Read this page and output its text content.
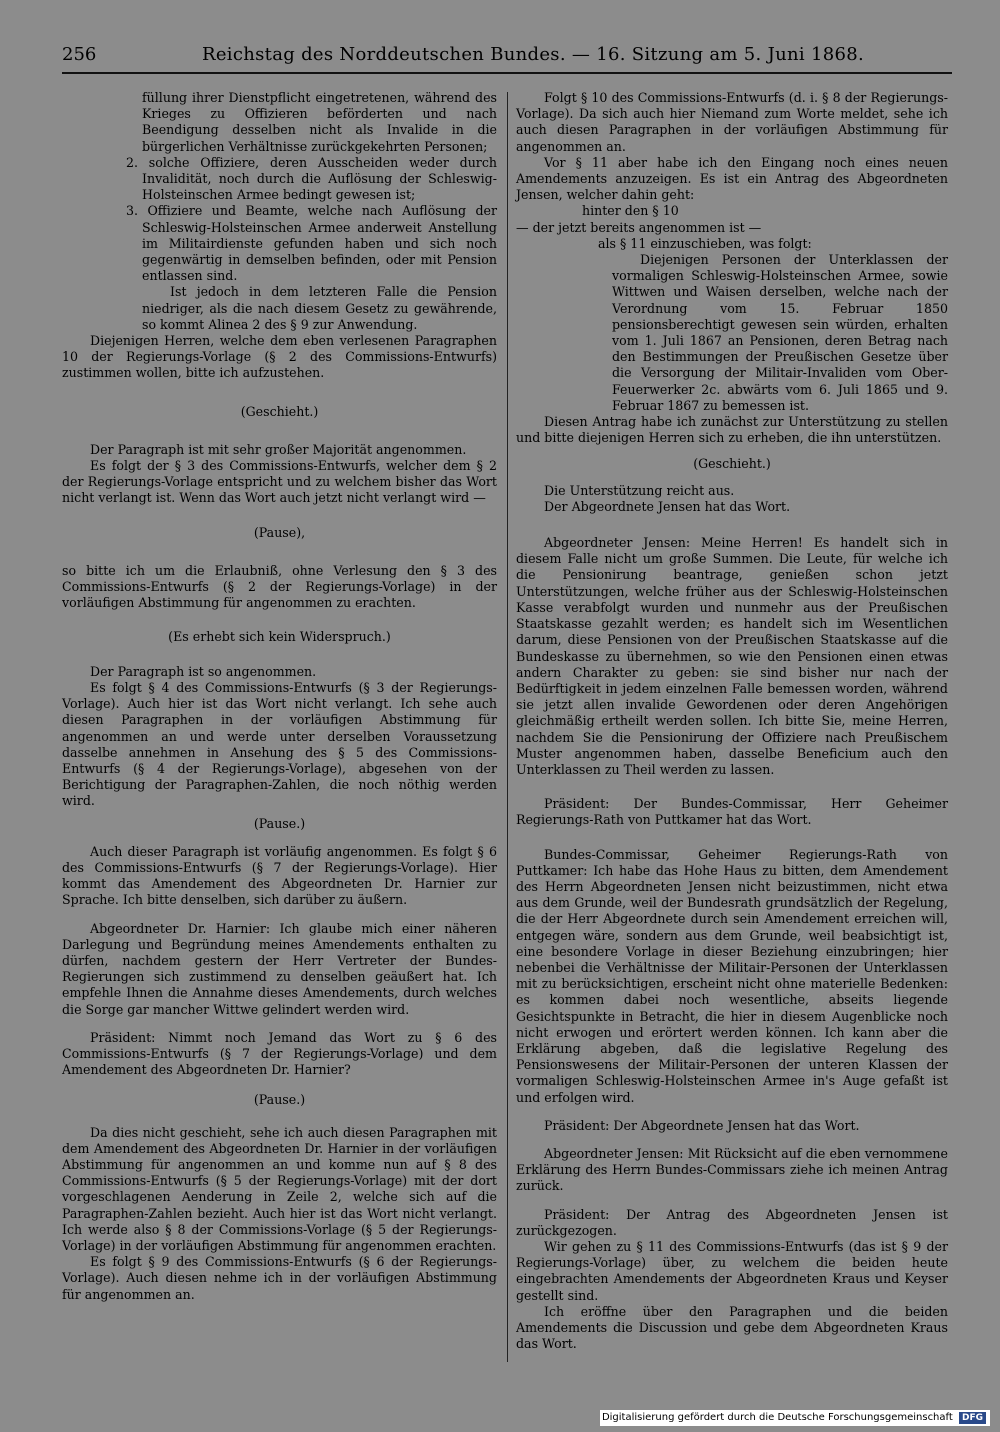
256	Reichstag des Norddeutschen Bundes. — 16. Sitzung am 5. Juni 1868.

füllung ihrer Dienstpflicht eingetretenen, während des Krieges zu Offizieren beförderten und nach Beendigung desselben nicht als Invalide in die bürgerlichen Verhältnisse zurückgekehrten Personen;

2. solche Offiziere, deren Ausscheiden weder durch Invalidität, noch durch die Auflösung der Schleswig-Holsteinschen Armee bedingt gewesen ist;

3. Offiziere und Beamte, welche nach Auflösung der Schleswig-Holsteinschen Armee anderweit Anstellung im Militairdienste gefunden haben und sich noch gegenwärtig in demselben befinden, oder mit Pension entlassen sind.

Ist jedoch in dem letzteren Falle die Pension niedriger, als die nach diesem Gesetz zu gewährende, so kommt Alinea 2 des § 9 zur Anwendung.

Diejenigen Herren, welche dem eben verlesenen Paragraphen 10 der Regierungs-Vorlage (§ 2 des Commissions-Entwurfs) zustimmen wollen, bitte ich aufzustehen.

(Geschieht.)

Der Paragraph ist mit sehr großer Majorität angenommen.

Es folgt der § 3 des Commissions-Entwurfs, welcher dem § 2 der Regierungs-Vorlage entspricht und zu welchem bisher das Wort nicht verlangt ist. Wenn das Wort auch jetzt nicht verlangt wird —

(Pause),

so bitte ich um die Erlaubniß, ohne Verlesung den § 3 des Commissions-Entwurfs (§ 2 der Regierungs-Vorlage) in der vorläufigen Abstimmung für angenommen zu erachten.

(Es erhebt sich kein Widerspruch.)

Der Paragraph ist so angenommen.

Es folgt § 4 des Commissions-Entwurfs (§ 3 der Regierungs-Vorlage). Auch hier ist das Wort nicht verlangt. Ich sehe auch diesen Paragraphen in der vorläufigen Abstimmung für angenommen an und werde unter derselben Voraussetzung dasselbe annehmen in Ansehung des § 5 des Commissions-Entwurfs (§ 4 der Regierungs-Vorlage), abgesehen von der Berichtigung der Paragraphen-Zahlen, die noch nöthig werden wird.

(Pause.)

Auch dieser Paragraph ist vorläufig angenommen. Es folgt § 6 des Commissions-Entwurfs (§ 7 der Regierungs-Vorlage). Hier kommt das Amendement des Abgeordneten Dr. Harnier zur Sprache. Ich bitte denselben, sich darüber zu äußern.

Abgeordneter Dr. Harnier: Ich glaube mich einer näheren Darlegung und Begründung meines Amendements enthalten zu dürfen, nachdem gestern der Herr Vertreter der Bundes-Regierungen sich zustimmend zu denselben geäußert hat. Ich empfehle Ihnen die Annahme dieses Amendements, durch welches die Sorge gar mancher Wittwe gelindert werden wird.

Präsident: Nimmt noch Jemand das Wort zu § 6 des Commissions-Entwurfs (§ 7 der Regierungs-Vorlage) und dem Amendement des Abgeordneten Dr. Harnier?

(Pause.)

Da dies nicht geschieht, sehe ich auch diesen Paragraphen mit dem Amendement des Abgeordneten Dr. Harnier in der vorläufigen Abstimmung für angenommen an und komme nun auf § 8 des Commissions-Entwurfs (§ 5 der Regierungs-Vorlage) mit der dort vorgeschlagenen Aenderung in Zeile 2, welche sich auf die Paragraphen-Zahlen bezieht. Auch hier ist das Wort nicht verlangt. Ich werde also § 8 der Commissions-Vorlage (§ 5 der Regierungs-Vorlage) in der vorläufigen Abstimmung für angenommen erachten.

Es folgt § 9 des Commissions-Entwurfs (§ 6 der Regierungs-Vorlage). Auch diesen nehme ich in der vorläufigen Abstimmung für angenommen an.

Folgt § 10 des Commissions-Entwurfs (d. i. § 8 der Regierungs-Vorlage). Da sich auch hier Niemand zum Worte meldet, sehe ich auch diesen Paragraphen in der vorläufigen Abstimmung für angenommen an.

Vor § 11 aber habe ich den Eingang noch eines neuen Amendements anzuzeigen. Es ist ein Antrag des Abgeordneten Jensen, welcher dahin geht:

hinter den § 10

— der jetzt bereits angenommen ist —

als § 11 einzuschieben, was folgt:

Diejenigen Personen der Unterklassen der vormaligen Schleswig-Holsteinschen Armee, sowie Wittwen und Waisen derselben, welche nach der Verordnung vom 15. Februar 1850 pensionsberechtigt gewesen sein würden, erhalten vom 1. Juli 1867 an Pensionen, deren Betrag nach den Bestimmungen der Preußischen Gesetze über die Versorgung der Militair-Invaliden vom Ober-Feuerwerker 2c. abwärts vom 6. Juli 1865 und 9. Februar 1867 zu bemessen ist.

Diesen Antrag habe ich zunächst zur Unterstützung zu stellen und bitte diejenigen Herren sich zu erheben, die ihn unterstützen.

(Geschieht.)

Die Unterstützung reicht aus.

Der Abgeordnete Jensen hat das Wort.

Abgeordneter Jensen: Meine Herren! Es handelt sich in diesem Falle nicht um große Summen. Die Leute, für welche ich die Pensionirung beantrage, genießen schon jetzt Unterstützungen, welche früher aus der Schleswig-Holsteinschen Kasse verabfolgt wurden und nunmehr aus der Preußischen Staatskasse gezahlt werden; es handelt sich im Wesentlichen darum, diese Pensionen von der Preußischen Staatskasse auf die Bundeskasse zu übernehmen, so wie den Pensionen einen etwas andern Charakter zu geben: sie sind bisher nur nach der Bedürftigkeit in jedem einzelnen Falle bemessen worden, während sie jetzt allen invalide Gewordenen oder deren Angehörigen gleichmäßig ertheilt werden sollen. Ich bitte Sie, meine Herren, nachdem Sie die Pensionirung der Offiziere nach Preußischem Muster angenommen haben, dasselbe Beneficium auch den Unterklassen zu Theil werden zu lassen.

Präsident: Der Bundes-Commissar, Herr Geheimer Regierungs-Rath von Puttkamer hat das Wort.

Bundes-Commissar, Geheimer Regierungs-Rath von Puttkamer: Ich habe das Hohe Haus zu bitten, dem Amendement des Herrn Abgeordneten Jensen nicht beizustimmen, nicht etwa aus dem Grunde, weil der Bundesrath grundsätzlich der Regelung, die der Herr Abgeordnete durch sein Amendement erreichen will, entgegen wäre, sondern aus dem Grunde, weil beabsichtigt ist, eine besondere Vorlage in dieser Beziehung einzubringen; hier nebenbei die Verhältnisse der Militair-Personen der Unterklassen mit zu berücksichtigen, erscheint nicht ohne materielle Bedenken: es kommen dabei noch wesentliche, abseits liegende Gesichtspunkte in Betracht, die hier in diesem Augenblicke noch nicht erwogen und erörtert werden können. Ich kann aber die Erklärung abgeben, daß die legislative Regelung des Pensionswesens der Militair-Personen der unteren Klassen der vormaligen Schleswig-Holsteinschen Armee in's Auge gefaßt ist und erfolgen wird.

Präsident: Der Abgeordnete Jensen hat das Wort.

Abgeordneter Jensen: Mit Rücksicht auf die eben vernommene Erklärung des Herrn Bundes-Commissars ziehe ich meinen Antrag zurück.

Präsident: Der Antrag des Abgeordneten Jensen ist zurückgezogen.

Wir gehen zu § 11 des Commissions-Entwurfs (das ist § 9 der Regierungs-Vorlage) über, zu welchem die beiden heute eingebrachten Amendements der Abgeordneten Kraus und Keyser gestellt sind.

Ich eröffne über den Paragraphen und die beiden Amendements die Discussion und gebe dem Abgeordneten Kraus das Wort.

Digitalisierung gefördert durch die Deutsche Forschungsgemeinschaft DFG
